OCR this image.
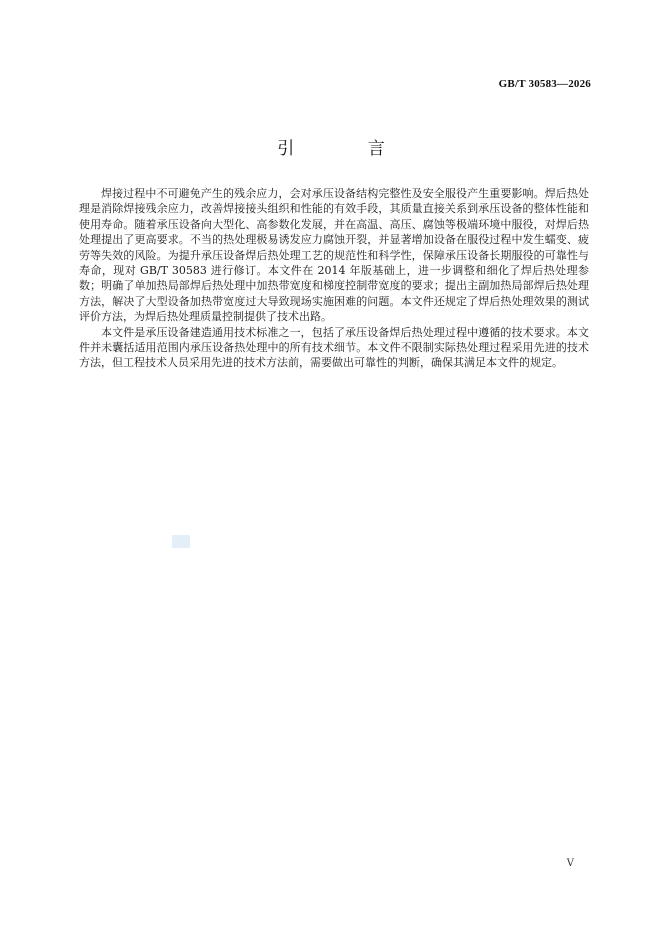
GB/T 30583—2026
引 言

焊接过程中不可避免产生的残余应力，会对承压设备结构完整性及安全服役产生重要影响。焊后热处理是消除焊接残余应力，改善焊接接头组织和性能的有效手段，其质量直接关系到承压设备的整体性能和使用寿命。随着承压设备向大型化、高参数化发展，并在高温、高压、腐蚀等极端环境中服役，对焊后热处理提出了更高要求。不当的热处理极易诱发应力腐蚀开裂，并显著增加设备在服役过程中发生蠕变、疲劳等失效的风险。为提升承压设备焊后热处理工艺的规范性和科学性，保障承压设备长期服役的可靠性与寿命，现对 GB/T 30583 进行修订。本文件在 2014 年版基础上，进一步调整和细化了焊后热处理参数；明确了单加热局部焊后热处理中加热带宽度和梯度控制带宽度的要求；提出主副加热局部焊后热处理方法，解决了大型设备加热带宽度过大导致现场实施困难的问题。本文件还规定了焊后热处理效果的测试评价方法，为焊后热处理质量控制提供了技术出路。

本文件是承压设备建造通用技术标准之一，包括了承压设备焊后热处理过程中遵循的技术要求。本文件并未囊括适用范围内承压设备热处理中的所有技术细节。本文件不限制实际热处理过程采用先进的技术方法，但工程技术人员采用先进的技术方法前，需要做出可靠性的判断，确保其满足本文件的规定。

V
